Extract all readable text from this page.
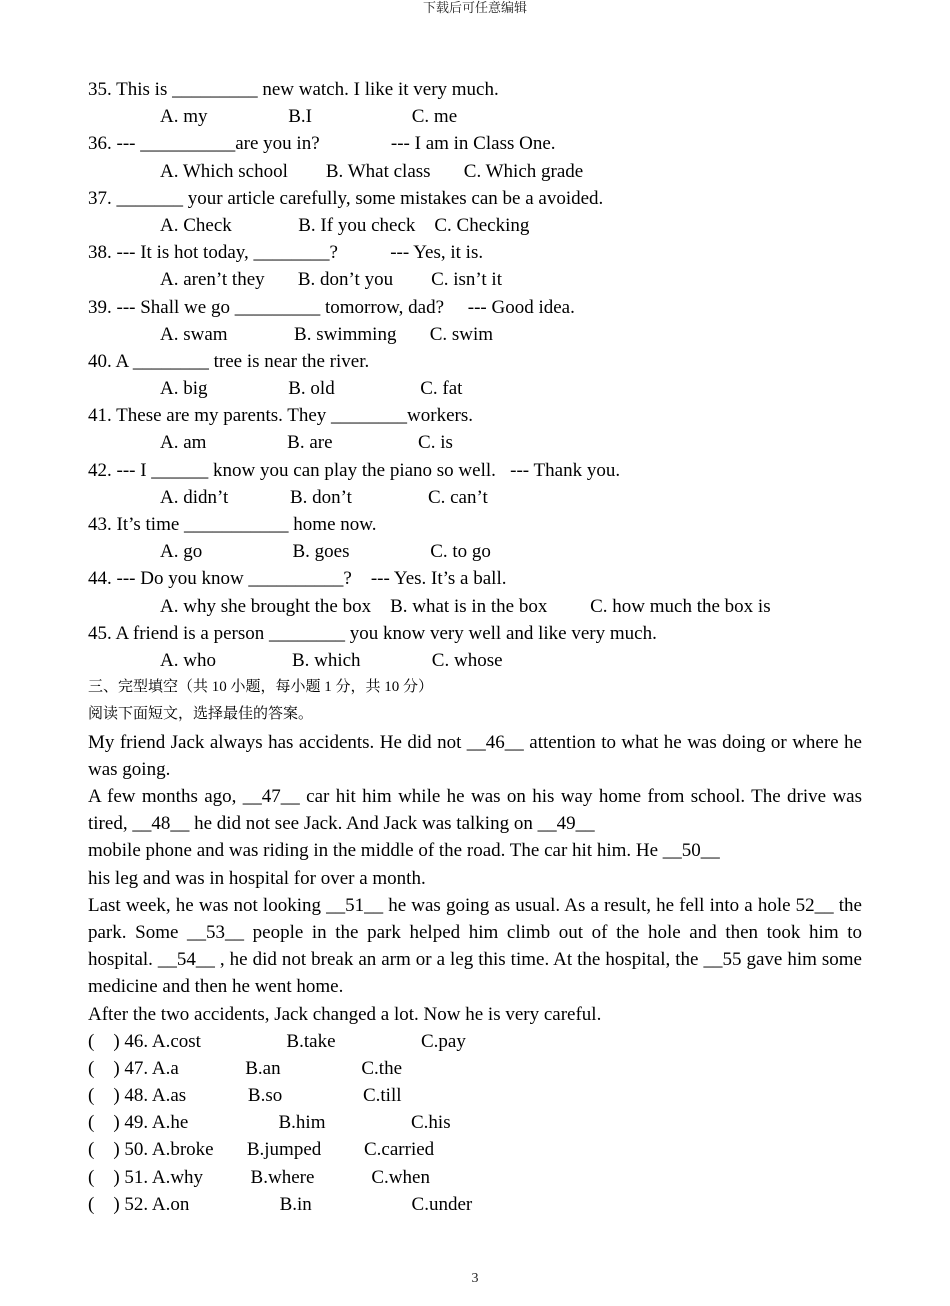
下载后可任意编辑
35. This is _________ new watch. I like it very much.
A. my                 B.I                     C. me
36. --- __________are you in?               --- I am in Class One.
A. Which school        B. What class       C. Which grade
37. _______ your article carefully, some mistakes can be a avoided.
A. Check              B. If you check    C. Checking
38. --- It is hot today, ________?           --- Yes, it is.
A. aren’t they       B. don’t you        C. isn’t it
39. --- Shall we go _________ tomorrow, dad?     --- Good idea.
A. swam              B. swimming       C. swim
40. A ________ tree is near the river.
A. big                 B. old                  C. fat
41. These are my parents. They ________workers.
A. am                 B. are                  C. is
42. --- I ______ know you can play the piano so well.   --- Thank you.
A. didn’t             B. don’t                C. can’t
43. It’s time ___________ home now.
A. go                   B. goes                 C. to go
44. --- Do you know __________?    --- Yes. It’s a ball.
A. why she brought the box    B. what is in the box         C. how much the box is
45. A friend is a person ________ you know very well and like very much.
A. who                B. which               C. whose
三、完型填空（共 10 小题，每小题 1 分，共 10 分）
阅读下面短文，选择最佳的答案。
My friend Jack always has accidents. He did not __46__ attention to what he was doing or where he was going.
A few months ago, __47__ car hit him while he was on his way home from school. The drive was tired, __48__ he did not see Jack. And Jack was talking on __49__
mobile phone and was riding in the middle of the road. The car hit him. He __50__
his leg and was in hospital for over a month.
Last week, he was not looking __51__ he was going as usual. As a result, he fell into a hole 52__ the park. Some __53__ people in the park helped him climb out of the hole and then took him to hospital. __54__ , he did not break an arm or a leg this time. At the hospital, the __55 gave him some medicine and then he went home.
After the two accidents, Jack changed a lot. Now he is very careful.
(    ) 46. A.cost                  B.take                  C.pay
(    ) 47. A.a              B.an                 C.the
(    ) 48. A.as             B.so                 C.till
(    ) 49. A.he                   B.him                  C.his
(    ) 50. A.broke       B.jumped         C.carried
(    ) 51. A.why          B.where            C.when
(    ) 52. A.on                   B.in                     C.under
3
